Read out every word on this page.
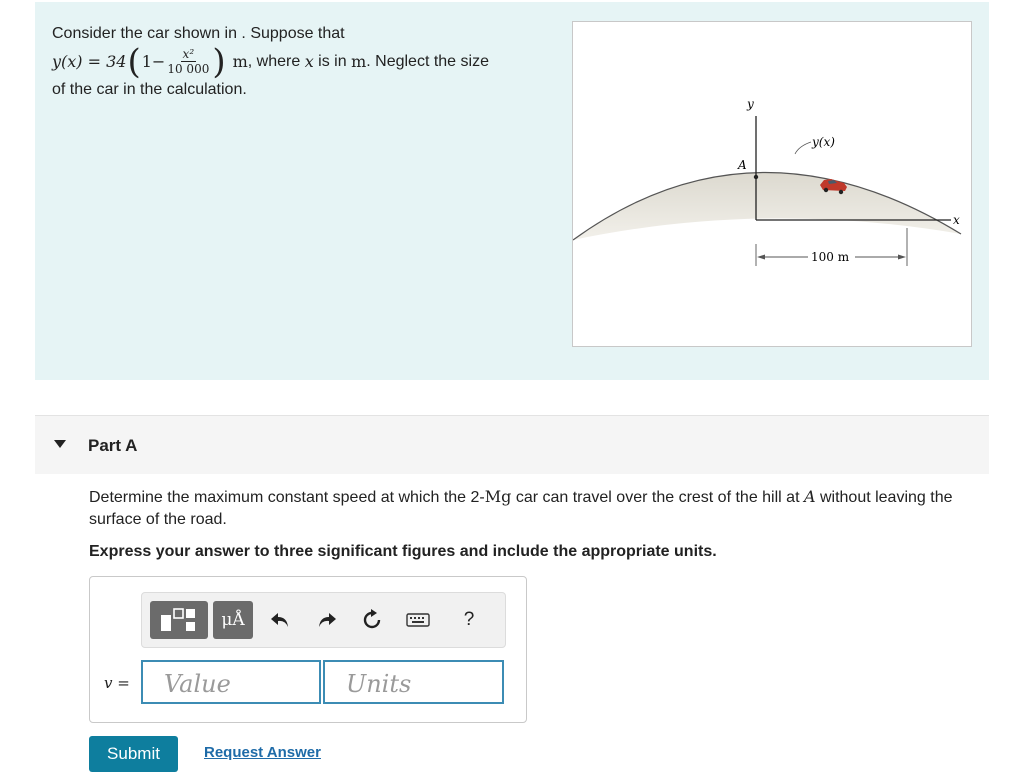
Consider the car shown in . Suppose that
y(x) = 34 ( $1- \frac{\text{x²}}{10 000}$ ) m , where x is in m . Neglect the size
of the car in the calculation.
y
A
y(x)
x
100 m
Part A
Determine the maximum constant speed at which the 2-Mg car can travel over the crest of the hill at A without leaving the surface of the road.
Express your answer to three significant figures and include the appropriate units.
μÅ	?
v = Value	Units
Submit	Request Answer
